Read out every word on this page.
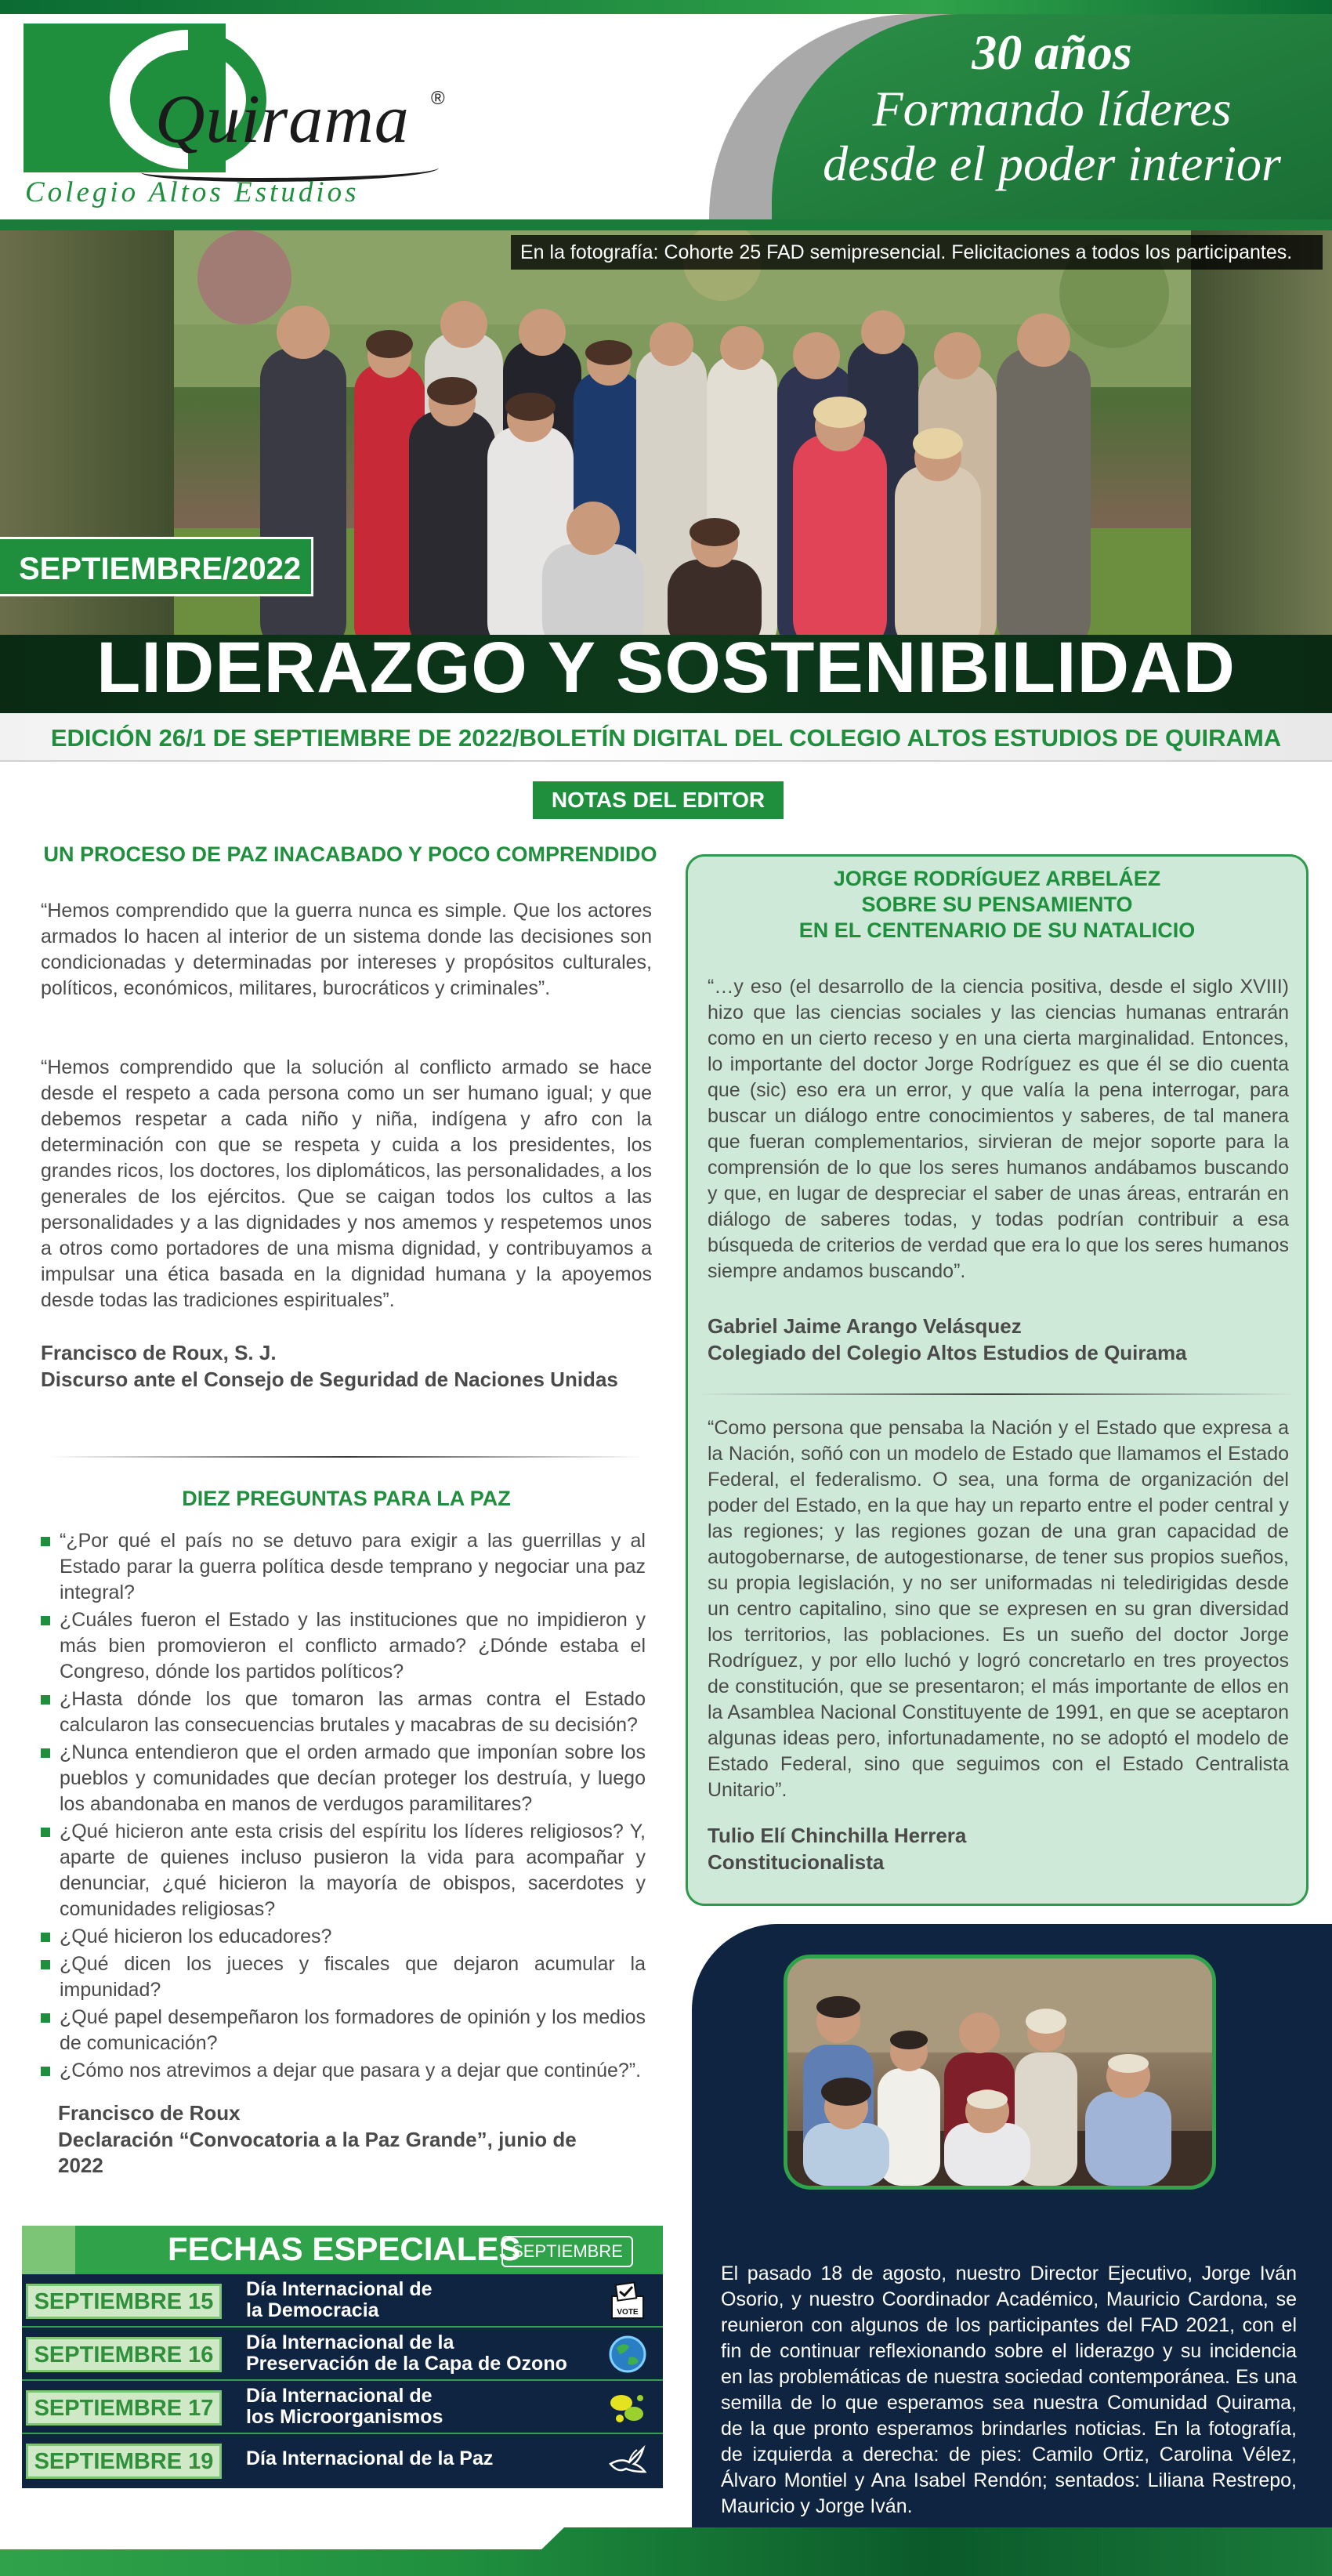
Quirama ®
Colegio Altos Estudios
30 años
Formando líderes
desde el poder interior
En la fotografía: Cohorte 25 FAD semipresencial. Felicitaciones a todos los participantes.
SEPTIEMBRE/2022
LIDERAZGO Y SOSTENIBILIDAD
EDICIÓN 26/1 DE SEPTIEMBRE DE 2022/BOLETÍN DIGITAL DEL COLEGIO ALTOS ESTUDIOS DE QUIRAMA
NOTAS DEL EDITOR
UN PROCESO DE PAZ INACABADO Y POCO COMPRENDIDO
“Hemos comprendido que la guerra nunca es simple. Que los actores armados lo hacen al interior de un sistema donde las decisiones son condicionadas y determinadas por intereses y propósitos culturales, políticos, económicos, militares, burocráticos y criminales”.
“Hemos comprendido que la solución al conflicto armado se hace desde el respeto a cada persona como un ser humano igual; y que debemos respetar a cada niño y niña, indígena y afro con la determinación con que se respeta y cuida a los presidentes, los grandes ricos, los doctores, los diplomáticos, las personalidades, a los generales de los ejércitos. Que se caigan todos los cultos a las personalidades y a las dignidades y nos amemos y respetemos unos a otros como portadores de una misma dignidad, y contribuyamos a impulsar una ética basada en la dignidad humana y la apoyemos desde todas las tradiciones espirituales”.
Francisco de Roux, S. J.
Discurso ante el Consejo de Seguridad de Naciones Unidas
DIEZ PREGUNTAS PARA LA PAZ
“¿Por qué el país no se detuvo para exigir a las guerrillas y al Estado parar la guerra política desde temprano y negociar una paz integral?
¿Cuáles fueron el Estado y las instituciones que no impidieron y más bien promovieron el conflicto armado? ¿Dónde estaba el Congreso, dónde los partidos políticos?
¿Hasta dónde los que tomaron las armas contra el Estado calcularon las consecuencias brutales y macabras de su decisión?
¿Nunca entendieron que el orden armado que imponían sobre los pueblos y comunidades que decían proteger los destruía, y luego los abandonaba en manos de verdugos paramilitares?
¿Qué hicieron ante esta crisis del espíritu los líderes religiosos? Y, aparte de quienes incluso pusieron la vida para acompañar y denunciar, ¿qué hicieron la mayoría de obispos, sacerdotes y comunidades religiosas?
¿Qué hicieron los educadores?
¿Qué dicen los jueces y fiscales que dejaron acumular la impunidad?
¿Qué papel desempeñaron los formadores de opinión y los medios de comunicación?
¿Cómo nos atrevimos a dejar que pasara y a dejar que continúe?”.
Francisco de Roux
Declaración “Convocatoria a la Paz Grande”, junio de 2022
JORGE RODRÍGUEZ ARBELÁEZ
SOBRE SU PENSAMIENTO
EN EL CENTENARIO DE SU NATALICIO
“…y eso (el desarrollo de la ciencia positiva, desde el siglo XVIII) hizo que las ciencias sociales y las ciencias humanas entrarán como en un cierto receso y en una cierta marginalidad. Entonces, lo importante del doctor Jorge Rodríguez es que él se dio cuenta que (sic) eso era un error, y que valía la pena interrogar, para buscar un diálogo entre conocimientos y saberes, de tal manera que fueran complementarios, sirvieran de mejor soporte para la comprensión de lo que los seres humanos andábamos buscando y que, en lugar de despreciar el saber de unas áreas, entrarán en diálogo de saberes todas, y todas podrían contribuir a esa búsqueda de criterios de verdad que era lo que los seres humanos siempre andamos buscando”.
Gabriel Jaime Arango Velásquez
Colegiado del Colegio Altos Estudios de Quirama
“Como persona que pensaba la Nación y el Estado que expresa a la Nación, soñó con un modelo de Estado que llamamos el Estado Federal, el federalismo. O sea, una forma de organización del poder del Estado, en la que hay un reparto entre el poder central y las regiones; y las regiones gozan de una gran capacidad de autogobernarse, de autogestionarse, de tener sus propios sueños, su propia legislación, y no ser uniformadas ni teledirigidas desde un centro capitalino, sino que se expresen en su gran diversidad los territorios, las poblaciones. Es un sueño del doctor Jorge Rodríguez, y por ello luchó y logró concretarlo en tres proyectos de constitución, que se presentaron; el más importante de ellos en la Asamblea Nacional Constituyente de 1991, en que se aceptaron algunas ideas pero, infortunadamente, no se adoptó el modelo de Estado Federal, sino que seguimos con el Estado Centralista Unitario”.
Tulio Elí Chinchilla Herrera
Constitucionalista
El pasado 18 de agosto, nuestro Director Ejecutivo, Jorge Iván Osorio, y nuestro Coordinador Académico, Mauricio Cardona, se reunieron con algunos de los participantes del FAD 2021, con el fin de continuar reflexionando sobre el liderazgo y su incidencia en las problemáticas de nuestra sociedad contemporánea. Es una semilla de lo que esperamos sea nuestra Comunidad Quirama, de la que pronto esperamos brindarles noticias. En la fotografía, de izquierda a derecha: de pies: Camilo Ortiz, Carolina Vélez, Álvaro Montiel y Ana Isabel Rendón; sentados: Liliana Restrepo, Mauricio y Jorge Iván.
FECHAS ESPECIALES
SEPTIEMBRE
SEPTIEMBRE 15	Día Internacional de
la Democracia	VOTE
SEPTIEMBRE 16	Día Internacional de la
Preservación de la Capa de Ozono
SEPTIEMBRE 17	Día Internacional de
los Microorganismos
SEPTIEMBRE 19	Día Internacional de la Paz
